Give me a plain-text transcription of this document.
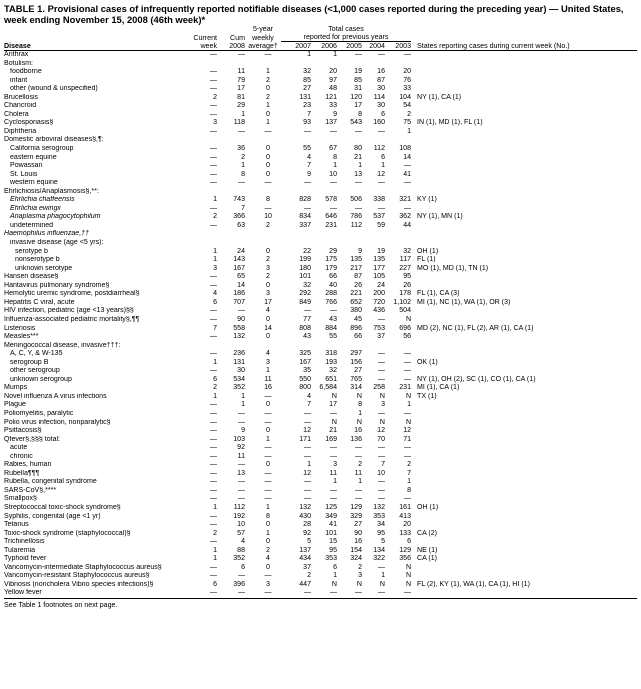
TABLE 1. Provisional cases of infrequently reported notifiable diseases (<1,000 cases reported during the preceding year) — United States,
week ending November 15, 2008 (46th week)*
			5-year	Total cases					
	Current	Cum	weekly	reported for previous years					
Disease	week	2008	average†	2007	2006	2005	2004	2003	States reporting cases during current week (No.)
Anthrax	—	—	—	1	1	—	—	—	
Botulism:									
foodborne	—	11	1	32	20	19	16	20	
infant	—	79	2	85	97	85	87	76	
other (wound & unspecified)	—	17	0	27	48	31	30	33	
Brucellosis	2	81	2	131	121	120	114	104	NY (1), CA (1)
Chancroid	—	29	1	23	33	17	30	54	
Cholera	—	1	0	7	9	8	6	2	
Cyclosporiasis§	3	118	1	93	137	543	160	75	IN (1), MD (1), FL (1)
Diphtheria	—	—	—	—	—	—	—	1	
Domestic arboviral diseases§,¶:									
California serogroup	—	36	0	55	67	80	112	108	
eastern equine	—	2	0	4	8	21	6	14	
Powassan	—	1	0	7	1	1	1	—	
St. Louis	—	8	0	9	10	13	12	41	
western equine	—	—	—	—	—	—	—	—	
Ehrlichiosis/Anaplasmosis§,**:									
Ehrlichia chaffeensis	1	743	8	828	578	506	338	321	KY (1)
Ehrlichia ewingii	—	7	—	—	—	—	—	—	
Anaplasma phagocytophilum	2	366	10	834	646	786	537	362	NY (1), MN (1)
undetermined	—	63	2	337	231	112	59	44	
Haemophilus influenzae,††									
invasive disease (age <5 yrs):									
serotype b	1	24	0	22	29	9	19	32	OH (1)
nonserotype b	1	143	2	199	175	135	135	117	FL (1)
unknown serotype	3	167	3	180	179	217	177	227	MO (1), MD (1), TN (1)
Hansen disease§	—	65	2	101	66	87	105	95	
Hantavirus pulmonary syndrome§	—	14	0	32	40	26	24	26	
Hemolytic uremic syndrome, postdiarrheal§	4	186	3	292	288	221	200	178	FL (1), CA (3)
Hepatitis C viral, acute	6	707	17	849	766	652	720	1,102	MI (1), NC (1), WA (1), OR (3)
HIV infection, pediatric (age <13 years)§§	—	—	4	—	—	380	436	504	
Influenza-associated pediatric mortality§,¶¶	—	90	0	77	43	45	—	N	
Listeriosis	7	558	14	808	884	896	753	696	MD (2), NC (1), FL (2), AR (1), CA (1)
Measles***	—	132	0	43	55	66	37	56	
Meningococcal disease, invasive†††:									
A, C, Y, & W-135	—	236	4	325	318	297	—	—	
serogroup B	1	131	3	167	193	156	—	—	OK (1)
other serogroup	—	30	1	35	32	27	—	—	
unknown serogroup	6	534	11	550	651	765	—	—	NY (1), OH (2), SC (1), CO (1), CA (1)
Mumps	2	352	16	800	6,584	314	258	231	MI (1), CA (1)
Novel influenza A virus infections	1	1	—	4	N	N	N	N	TX (1)
Plague	—	1	0	7	17	8	3	1	
Poliomyelitis, paralytic	—	—	—	—	—	1	—	—	
Polio virus infection, nonparalytic§	—	—	—	—	N	N	N	N	
Psittacosis§	—	9	0	12	21	16	12	12	
Qfever§,§§§ total:	—	103	1	171	169	136	70	71	
acute	—	92	—	—	—	—	—	—	
chronic	—	11	—	—	—	—	—	—	
Rabies, human	—	—	0	1	3	2	7	2	
Rubella¶¶¶	—	13	—	12	11	11	10	7	
Rubella, congenital syndrome	—	—	—	—	1	1	—	1	
SARS-CoV§,****	—	—	—	—	—	—	—	8	
Smallpox§	—	—	—	—	—	—	—	—	
Streptococcal toxic-shock syndrome§	1	112	1	132	125	129	132	161	OH (1)
Syphilis, congenital (age <1 yr)	—	192	8	430	349	329	353	413	
Tetanus	—	10	0	28	41	27	34	20	
Toxic-shock syndrome (staphylococcal)§	2	57	1	92	101	90	95	133	CA (2)
Trichinellosis	—	4	0	5	15	16	5	6	
Tularemia	1	88	2	137	95	154	134	129	NE (1)
Typhoid fever	1	352	4	434	353	324	322	356	CA (1)
Vancomycin-intermediate Staphylococcus aureus§	—	6	0	37	6	2	—	N	
Vancomycin-resistant Staphylococcus aureus§	—	—	—	2	1	3	1	N	
Vibriosis (noncholera Vibrio species infections)§	6	396	3	447	N	N	N	N	FL (2), KY (1), WA (1), CA (1), HI (1)
Yellow fever	—	—	—	—	—	—	—	—	
See Table 1 footnotes on next page.
